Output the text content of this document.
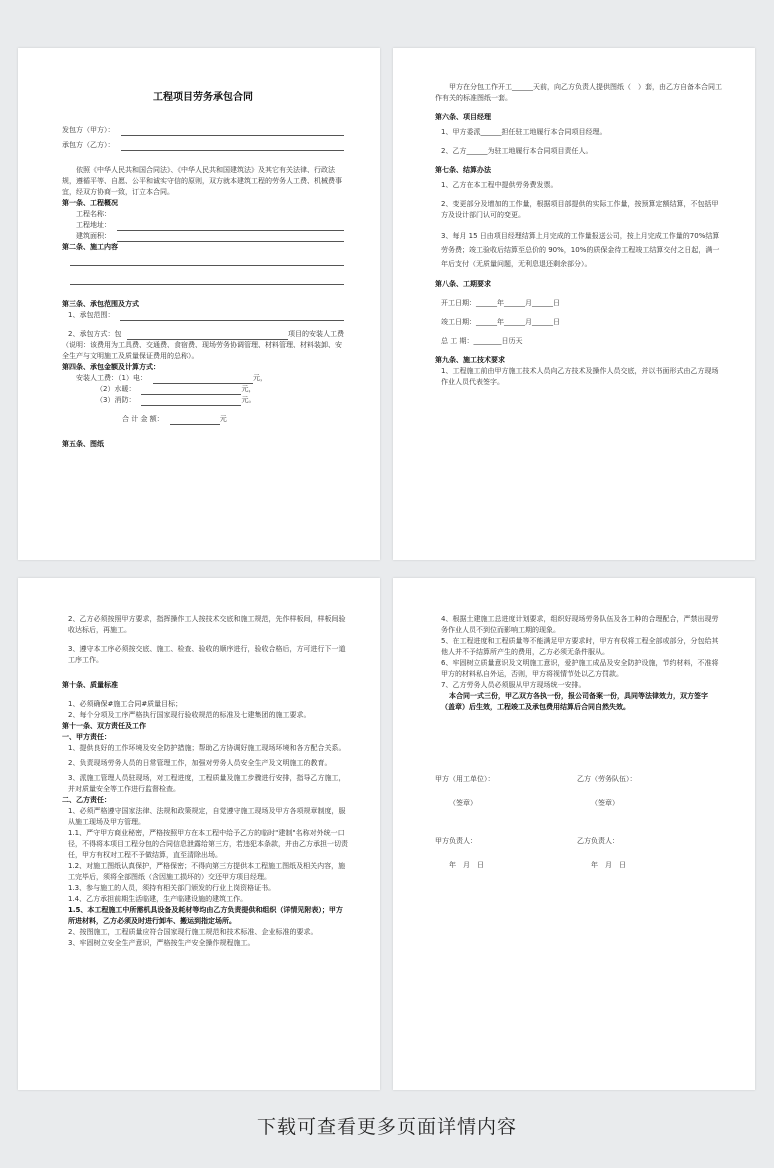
工程项目劳务承包合同
发包方（甲方）：
承包方（乙方）：
依照《中华人民共和国合同法》、《中华人民共和国建筑法》及其它有关法律、行政法规，遵循平等、自愿、公平和诚实守信的原则，双方就本建筑工程的劳务人工费、机械费事宜，经双方协商一致，订立本合同。
第一条、工程概况
工程名称：
工程地址：
建筑面积：
第二条、施工内容
第三条、承包范围及方式
1、承包范围：
2、承包方式：包	项目的安装人工费
（说明：该费用为工具费、交通费、食宿费、现场劳务协调管理、材料管理、材料装卸、安全生产与文明施工及质量保证费用的总称）。
第四条、承包金额及计算方式：
安装人工费：（1）电：	元，
（2）水暖：	元，
（3）消防：	元。
合 计 金 额：	元
第五条、图纸
甲方在分包工作开工______天前，向乙方负责人提供图纸（　）套，由乙方自备本合同工作有关的标准图纸一套。
第六条、项目经理
1、甲方委派______担任驻工地履行本合同项目经理。
2、乙方______为驻工地履行本合同项目责任人。
第七条、结算办法
1、乙方在本工程中提供劳务费发票。
2、变更部分及增加的工作量，根据项目部提供的实际工作量，按预算定额结算，不包括甲方及设计部门认可的变更。
3、每月 15 日由项目经理结算上月完成的工作量报送公司，按上月完成工作量的70%结算劳务费；竣工验收后结算至总价的 90%，10%的质保金待工程竣工结算交付之日起，满一年后支付（无质量问题，无利息退还剩余部分）。
第八条、工期要求
开工日期：______年______月______日
竣工日期：______年______月______日
总 工 期：________日历天
第九条、施工技术要求
1、工程施工前由甲方施工技术人员向乙方技术及操作人员交底，并以书面形式由乙方现场作业人员代表签字。
2、乙方必须按照甲方要求，指挥操作工人按技术交底和施工规范，先作样板间，样板间验收达标后，再施工。
3、遵守本工序必须按交底、施工、检查、验收的顺序进行，验收合格后，方可进行下一道工序工作。
第十条、质量标准
1、必须确保#施工合同#质量目标；
2、每个分项及工序严格执行国家现行验收规范的标准及七建集团的施工要求。
第十一条、双方责任及工作
一、甲方责任：
1、提供良好的工作环境及安全防护措施；帮助乙方协调好施工现场环境和各方配合关系。
2、负责现场劳务人员的日常管理工作，加强对劳务人员安全生产及文明施工的教育。
3、派施工管理人员驻现场，对工程进度，工程质量及施工步骤进行安排，指导乙方施工，并对质量安全等工作进行监督检查。
二、乙方责任：
1、必须严格遵守国家法律、法规和政策规定，自觉遵守施工现场及甲方各项规章制度，服从施工现场及甲方管理。
1.1、严守甲方商业秘密，严格按照甲方在本工程中给予乙方的临时"建制"名称对外统一口径，不得将本项目工程分包的合同信息泄露给第三方，若违犯本条款，并由乙方承担一切责任，甲方有权对工程不予做结算，直至清除出场。
1.2、对施工图纸认真保护，严格保密；不得向第三方提供本工程施工图纸及相关内容，施工完毕后，须将全部图纸（含因施工损坏的）交还甲方项目经理。
1.3、参与施工的人员，须持有相关部门颁发的行业上岗资格证书。
1.4、乙方承担前期生活临建，生产临建设施的建筑工作。
1.5、本工程施工中所需机具设备及耗材等均由乙方负责提供和组织（详情见附表）；甲方所进材料，乙方必须及时进行卸车、搬运到指定场所。
2、按图施工，工程质量应符合国家现行施工规范和技术标准、企业标准的要求。
3、牢固树立安全生产意识，严格按生产安全操作规程施工。
4、根据土建施工总进度计划要求，组织好现场劳务队伍及各工种的合理配合，严禁出现劳务作业人员不到位而影响工期的现象。
5、在工程进度和工程质量等不能满足甲方要求时，甲方有权将工程全部或部分，分包给其他人并不予结算所产生的费用，乙方必须无条件服从。
6、牢固树立质量意识及文明施工意识，爱护施工成品及安全防护设施，节约材料，不准将甲方的材料私自外运，否则，甲方将视情节处以乙方罚款。
7、乙方劳务人员必须服从甲方现场统一安排。
本合同一式三份，甲乙双方各执一份，报公司备案一份，具同等法律效力，双方签字（盖章）后生效，工程竣工及承包费用结算后合同自然失效。
甲方（用工单位）：	乙方（劳务队伍）：
（签章）	（签章）
甲方负责人：	乙方负责人：
年　月　日	年　月　日
下载可查看更多页面详情内容
